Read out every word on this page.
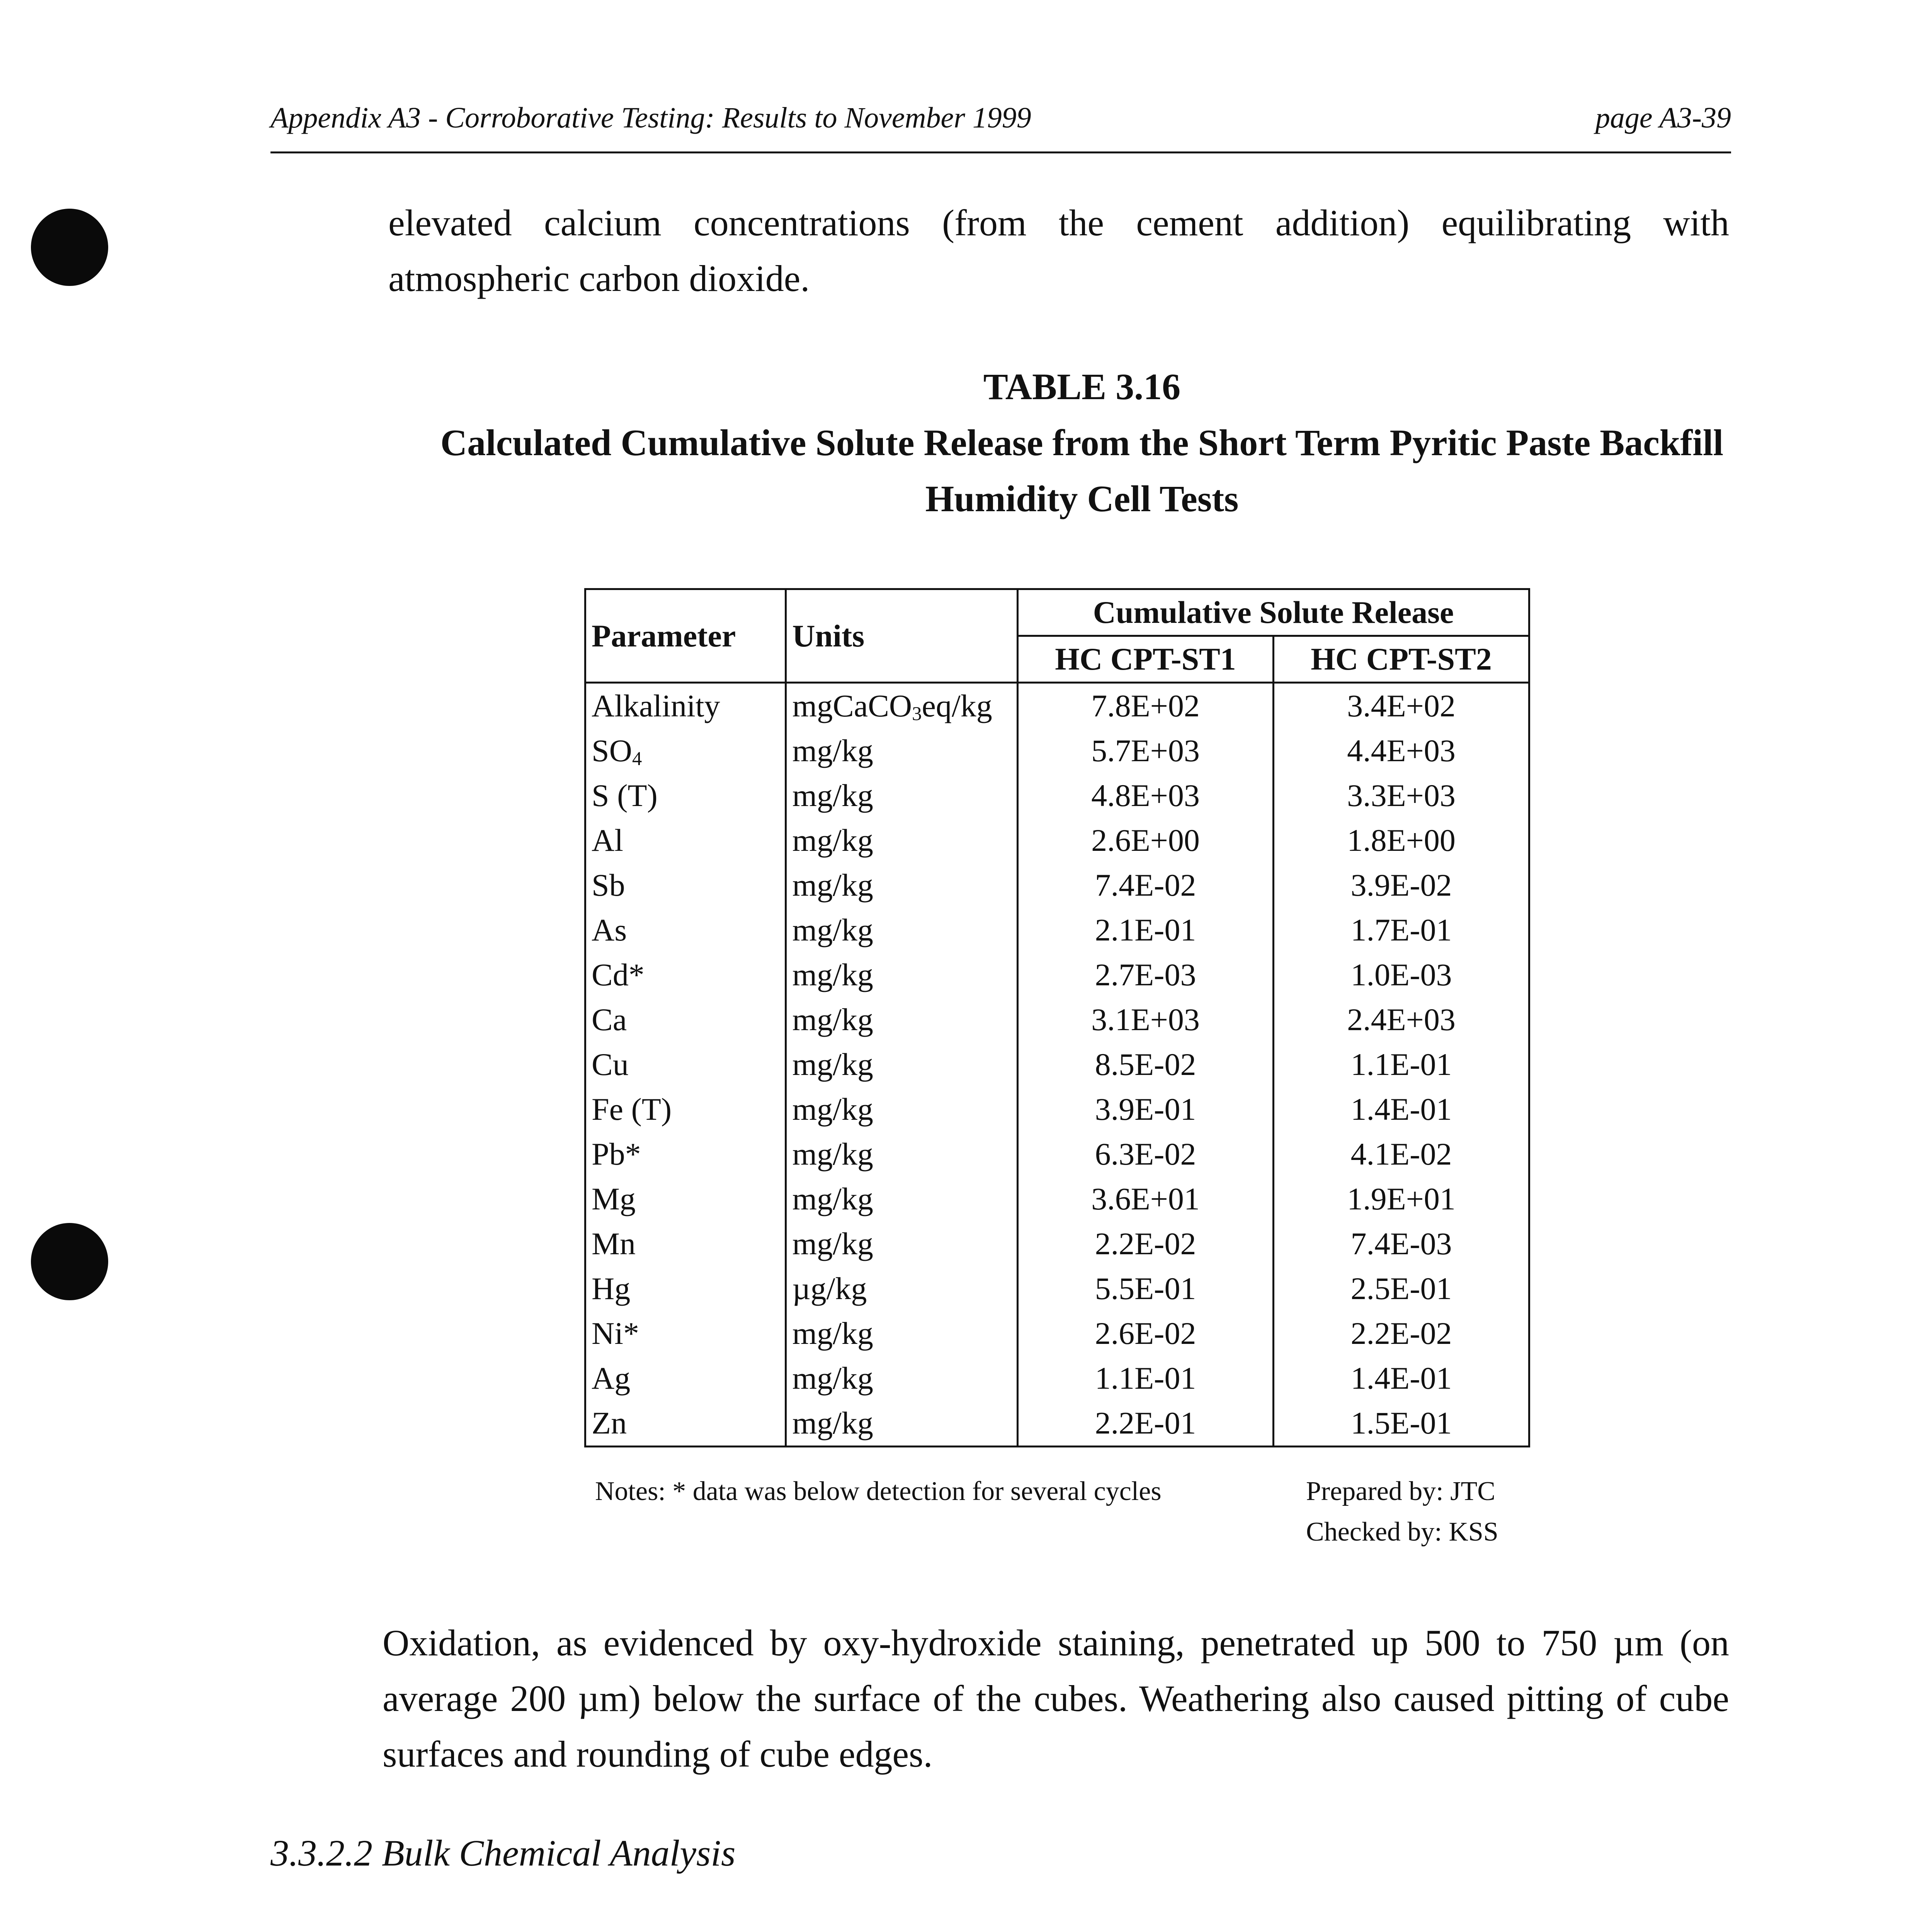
Appendix A3 - Corroborative Testing: Results to November 1999	page A3-39

elevated calcium concentrations (from the cement addition) equilibrating with atmospheric carbon dioxide.

TABLE 3.16
Calculated Cumulative Solute Release from the Short Term Pyritic Paste Backfill
Humidity Cell Tests
Parameter	Units	Cumulative Solute Release	
		HC CPT-ST1	HC CPT-ST2
Alkalinity	mgCaCO$_3$eq/kg	7.8E+02	3.4E+02
$SO_4$	mg/kg	5.7E+03	4.4E+03
S (T)	mg/kg	4.8E+03	3.3E+03
Al	mg/kg	2.6E+00	1.8E+00
Sb	mg/kg	7.4E-02	3.9E-02
As	mg/kg	2.1E-01	1.7E-01
Cd*	mg/kg	2.7E-03	1.0E-03
Ca	mg/kg	3.1E+03	2.4E+03
Cu	mg/kg	8.5E-02	1.1E-01
Fe (T)	mg/kg	3.9E-01	1.4E-01
Pb*	mg/kg	6.3E-02	4.1E-02
Mg	mg/kg	3.6E+01	1.9E+01
Mn	mg/kg	2.2E-02	7.4E-03
Hg	µg/kg	5.5E-01	2.5E-01
Ni*	mg/kg	2.6E-02	2.2E-02
Ag	mg/kg	1.1E-01	1.4E-01
Zn	mg/kg	2.2E-01	1.5E-01
Notes: * data was below detection for several cycles	Prepared by: JTC
Checked by: KSS

Oxidation, as evidenced by oxy-hydroxide staining, penetrated up 500 to 750 µm (on average 200 µm) below the surface of the cubes. Weathering also caused pitting of cube surfaces and rounding of cube edges.

3.3.2.2 Bulk Chemical Analysis
